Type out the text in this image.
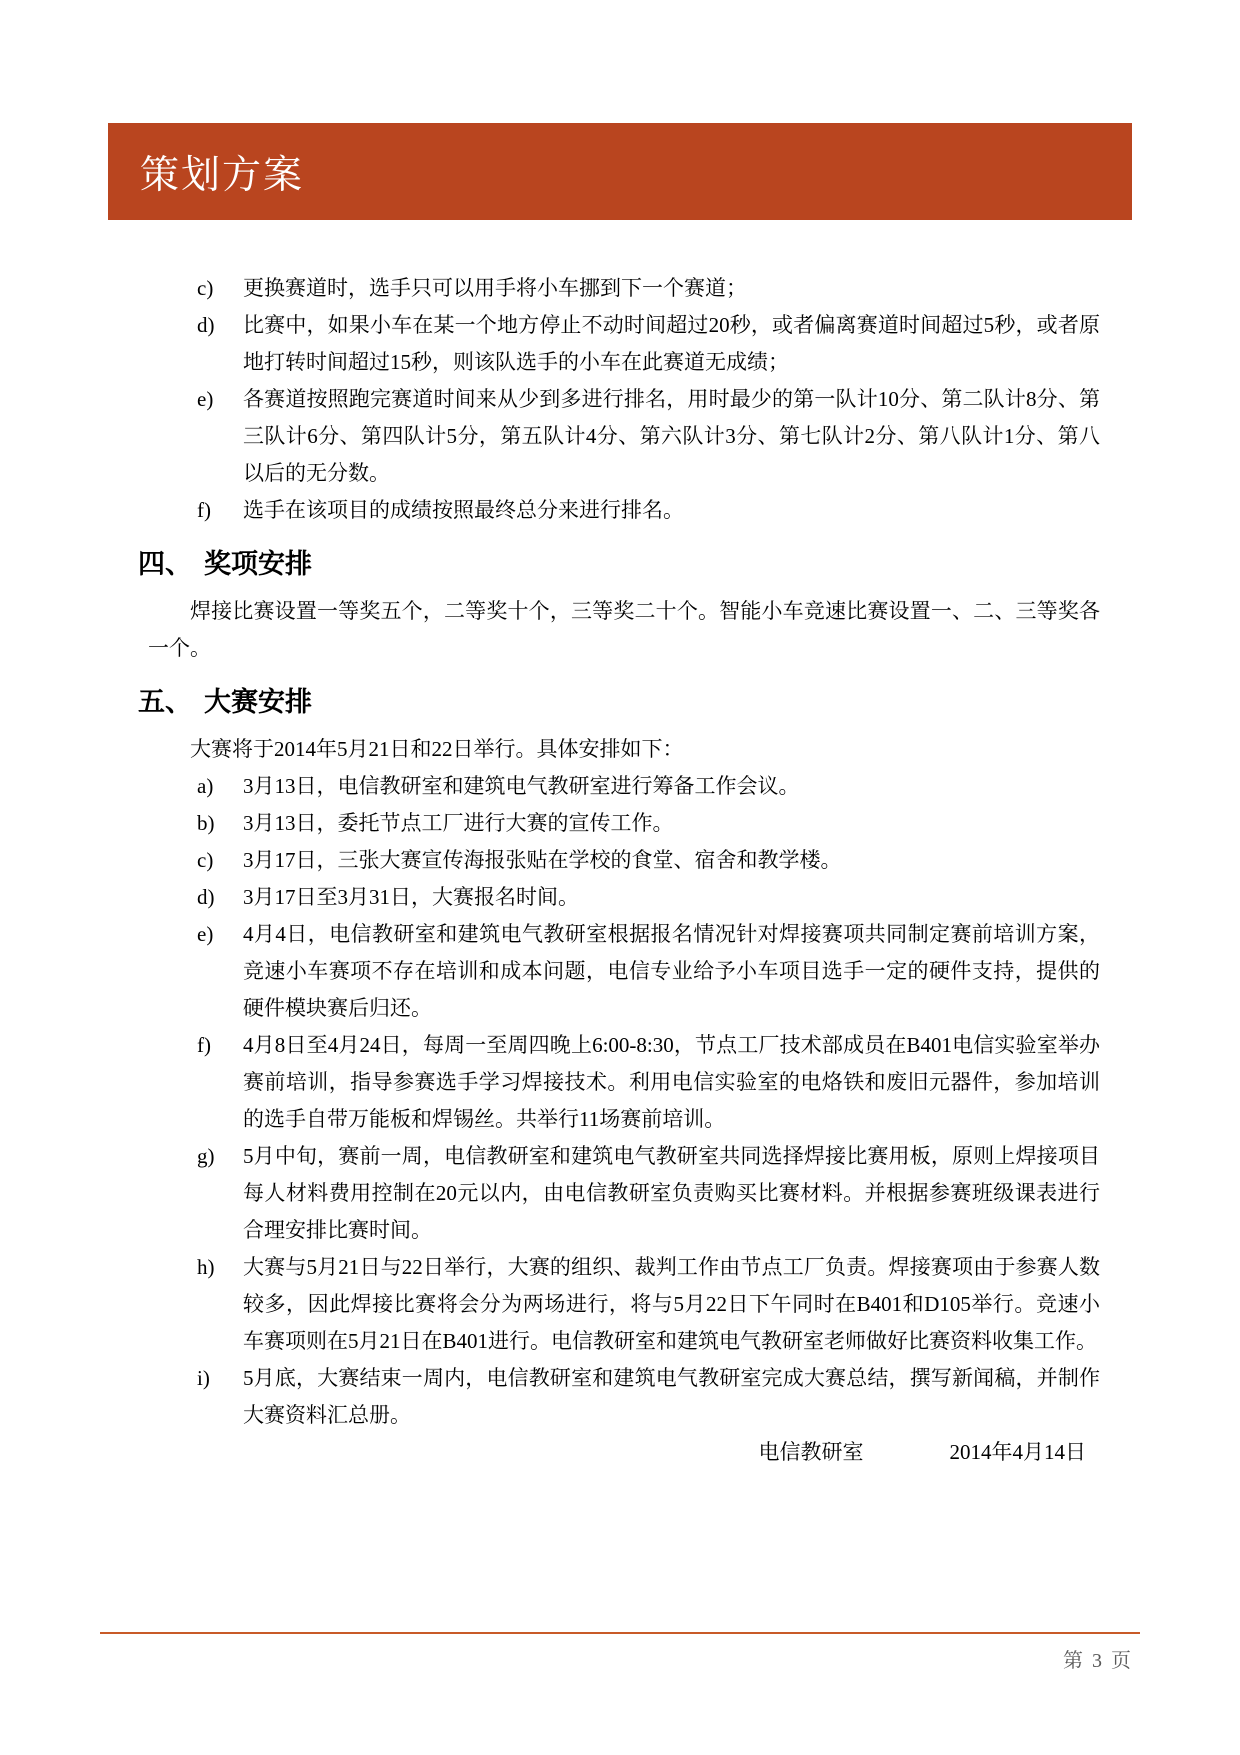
策划方案
c)	更换赛道时，选手只可以用手将小车挪到下一个赛道；
d)	比赛中，如果小车在某一个地方停止不动时间超过20秒，或者偏离赛道时间超过5秒，或者原地打转时间超过15秒，则该队选手的小车在此赛道无成绩；
e)	各赛道按照跑完赛道时间来从少到多进行排名，用时最少的第一队计10分、第二队计8分、第三队计6分、第四队计5分，第五队计4分、第六队计3分、第七队计2分、第八队计1分、第八以后的无分数。
f)	选手在该项目的成绩按照最终总分来进行排名。
四、 奖项安排
焊接比赛设置一等奖五个，二等奖十个，三等奖二十个。智能小车竞速比赛设置一、二、三等奖各一个。
五、 大赛安排
大赛将于2014年5月21日和22日举行。具体安排如下：
a)	3月13日，电信教研室和建筑电气教研室进行筹备工作会议。
b)	3月13日，委托节点工厂进行大赛的宣传工作。
c)	3月17日，三张大赛宣传海报张贴在学校的食堂、宿舍和教学楼。
d)	3月17日至3月31日，大赛报名时间。
e)	4月4日，电信教研室和建筑电气教研室根据报名情况针对焊接赛项共同制定赛前培训方案，竞速小车赛项不存在培训和成本问题，电信专业给予小车项目选手一定的硬件支持，提供的硬件模块赛后归还。
f)	4月8日至4月24日，每周一至周四晚上6:00-8:30，节点工厂技术部成员在B401电信实验室举办赛前培训，指导参赛选手学习焊接技术。利用电信实验室的电烙铁和废旧元器件，参加培训的选手自带万能板和焊锡丝。共举行11场赛前培训。
g)	5月中旬，赛前一周，电信教研室和建筑电气教研室共同选择焊接比赛用板，原则上焊接项目每人材料费用控制在20元以内，由电信教研室负责购买比赛材料。并根据参赛班级课表进行合理安排比赛时间。
h)	大赛与5月21日与22日举行，大赛的组织、裁判工作由节点工厂负责。焊接赛项由于参赛人数较多，因此焊接比赛将会分为两场进行，将与5月22日下午同时在B401和D105举行。竞速小车赛项则在5月21日在B401进行。电信教研室和建筑电气教研室老师做好比赛资料收集工作。
i)	5月底，大赛结束一周内，电信教研室和建筑电气教研室完成大赛总结，撰写新闻稿，并制作大赛资料汇总册。
电信教研室	2014年4月14日
第 3 页
